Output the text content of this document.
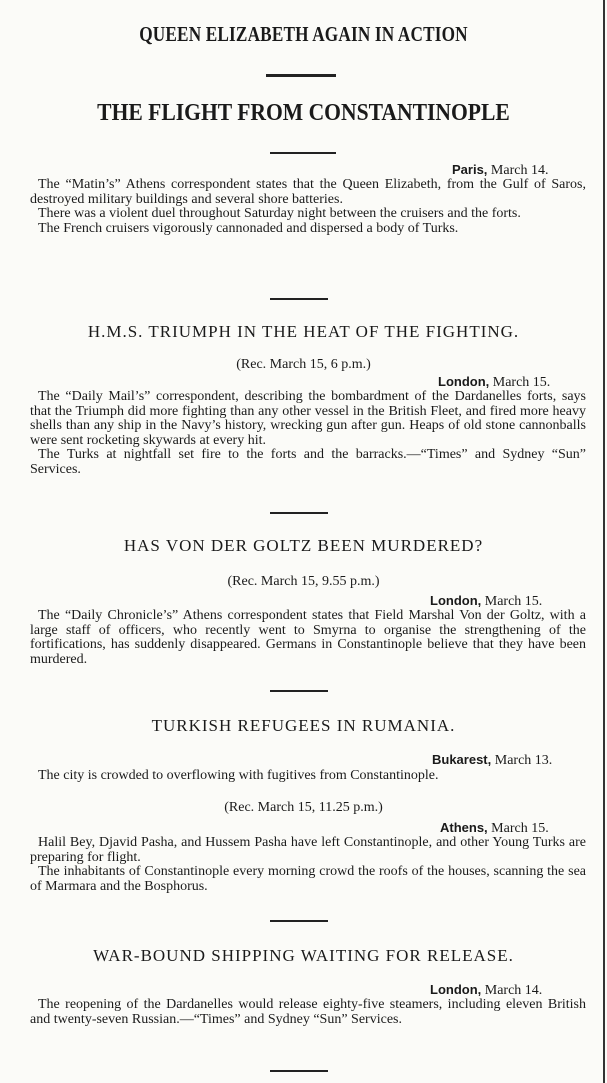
QUEEN ELIZABETH AGAIN IN ACTION
THE FLIGHT FROM CONSTANTINOPLE
Paris, March 14.

The “Matin’s” Athens correspondent states that the Queen Elizabeth, from the Gulf of Saros, destroyed military buildings and several shore batteries.

There was a violent duel throughout Saturday night between the cruisers and the forts.

The French cruisers vigorously cannonaded and dispersed a body of Turks.

H.M.S. TRIUMPH IN THE HEAT OF THE FIGHTING.
(Rec. March 15, 6 p.m.)
London, March 15.

The “Daily Mail’s” correspondent, describing the bombardment of the Dardanelles forts, says that the Triumph did more fighting than any other vessel in the British Fleet, and fired more heavy shells than any ship in the Navy’s history, wrecking gun after gun. Heaps of old stone cannonballs were sent rocketing skywards at every hit.

The Turks at nightfall set fire to the forts and the barracks.—“Times” and Sydney “Sun” Services.

HAS VON DER GOLTZ BEEN MURDERED?
(Rec. March 15, 9.55 p.m.)
London, March 15.

The “Daily Chronicle’s” Athens correspondent states that Field Marshal Von der Goltz, with a large staff of officers, who recently went to Smyrna to organise the strengthening of the fortifications, has suddenly disappeared. Germans in Constantinople believe that they have been murdered.

TURKISH REFUGEES IN RUMANIA.
Bukarest, March 13.

The city is crowded to overflowing with fugitives from Constantinople.

(Rec. March 15, 11.25 p.m.)
Athens, March 15.

Halil Bey, Djavid Pasha, and Hussem Pasha have left Constantinople, and other Young Turks are preparing for flight.

The inhabitants of Constantinople every morning crowd the roofs of the houses, scanning the sea of Marmara and the Bosphorus.

WAR-BOUND SHIPPING WAITING FOR RELEASE.
London, March 14.

The reopening of the Dardanelles would release eighty-five steamers, including eleven British and twenty-seven Russian.—“Times” and Sydney “Sun” Services.
